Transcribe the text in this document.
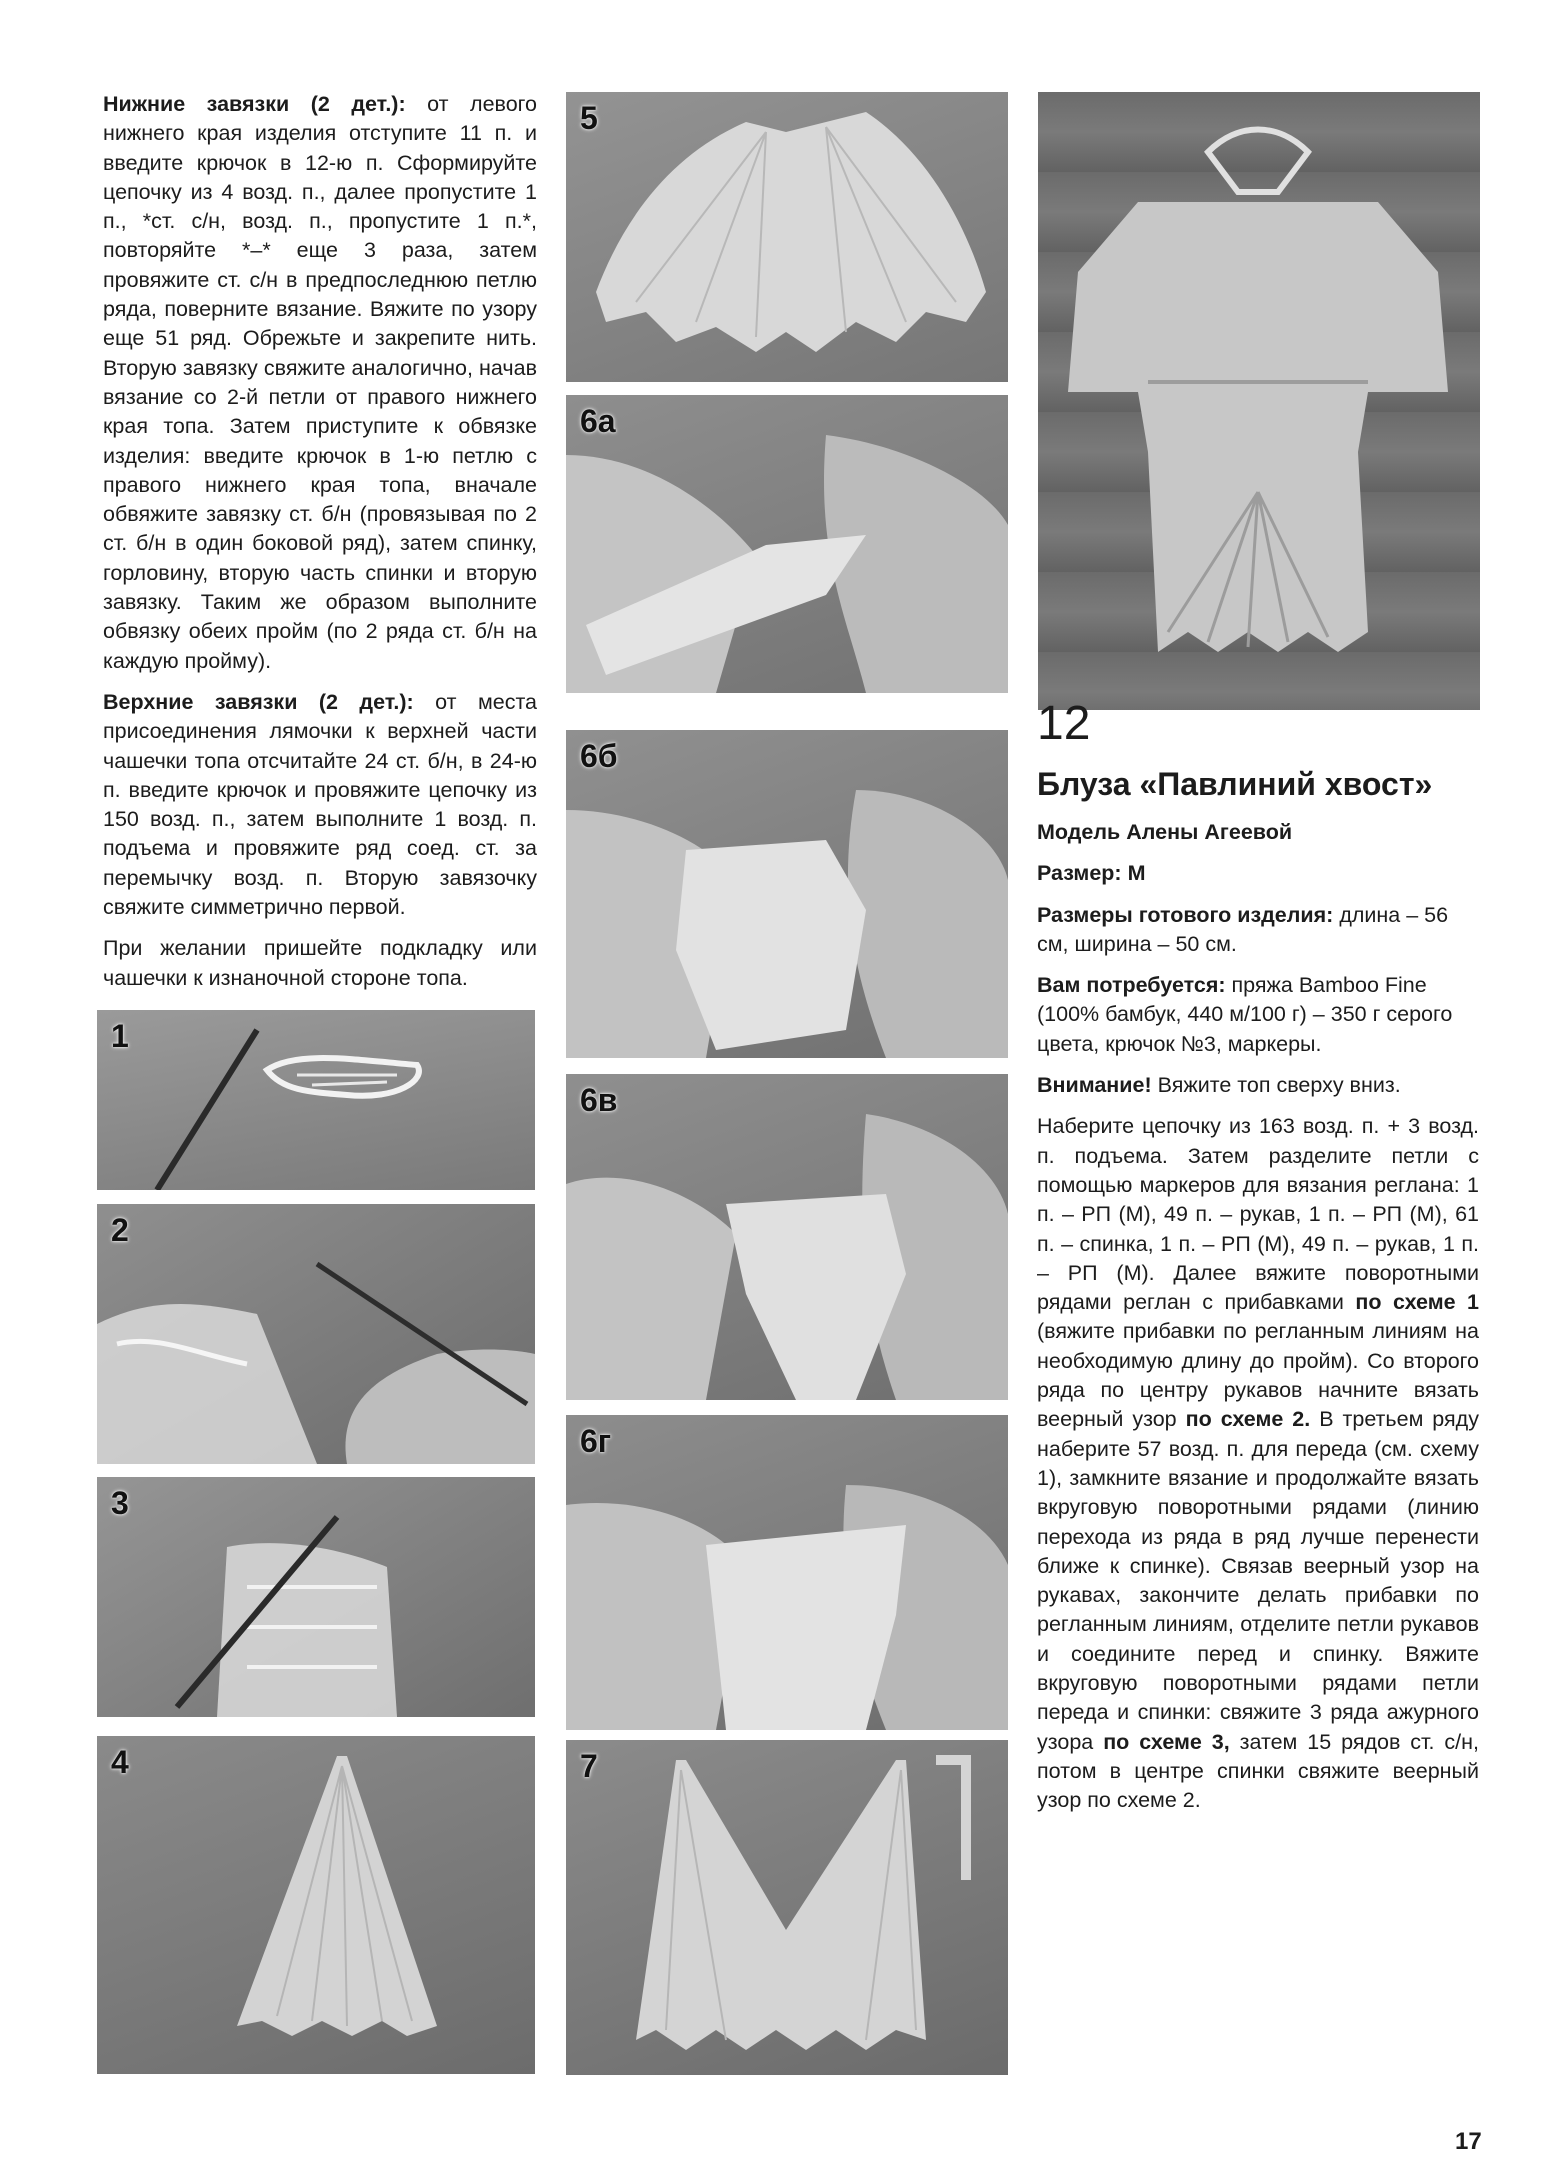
Нижние завязки (2 дет.): от левого нижнего края изделия отступите 11 п. и введите крючок в 12-ю п. Сформируйте цепочку из 4 возд. п., далее пропустите 1 п., *ст. с/н, возд. п., пропустите 1 п.*, повторяйте *–* еще 3 раза, затем провяжите ст. с/н в предпоследнюю петлю ряда, поверните вязание. Вяжите по узору еще 51 ряд. Обрежьте и закрепите нить. Вторую завязку свяжите аналогично, начав вязание со 2-й петли от правого нижнего края топа. Затем приступите к обвязке изделия: введите крючок в 1-ю петлю с правого нижнего края топа, вначале обвяжите завязку ст. б/н (провязывая по 2 ст. б/н в один боковой ряд), затем спинку, горловину, вторую часть спинки и вторую завязку. Таким же образом выполните обвязку обеих пройм (по 2 ряда ст. б/н на каждую пройму).

Верхние завязки (2 дет.): от места присоединения лямочки к верхней части чашечки топа отсчитайте 24 ст. б/н, в 24-ю п. введите крючок и провяжите цепочку из 150 возд. п., затем выполните 1 возд. п. подъема и провяжите ряд соед. ст. за перемычку возд. п. Вторую завязочку свяжите симметрично первой.

При желании пришейте подкладку или чашечки к изнаночной стороне топа.

1
2
3
4
5
6а
6б
6в
6г
7
12
Блуза «Павлиний хвост»

Модель Алены Агеевой

Размер: М

Размеры готового изделия: длина – 56 см, ширина – 50 см.

Вам потребуется: пряжа Bamboo Fine (100% бамбук, 440 м/100 г) – 350 г серого цвета, крючок №3, маркеры.

Внимание! Вяжите топ сверху вниз.

Наберите цепочку из 163 возд. п. + 3 возд. п. подъема. Затем разделите петли с помощью маркеров для вязания реглана: 1 п. – РП (М), 49 п. – рукав, 1 п. – РП (М), 61 п. – спинка, 1 п. – РП (М), 49 п. – рукав, 1 п. – РП (М). Далее вяжите поворотными рядами реглан с прибавками по схеме 1 (вяжите прибавки по регланным линиям на необходимую длину до пройм). Со второго ряда по центру рукавов начните вязать веерный узор по схеме 2. В третьем ряду наберите 57 возд. п. для переда (см. схему 1), замкните вязание и продолжайте вязать вкруговую поворотными рядами (линию перехода из ряда в ряд лучше перенести ближе к спинке). Связав веерный узор на рукавах, закончите делать прибавки по регланным линиям, отделите петли рукавов и соедините перед и спинку. Вяжите вкруговую поворотными рядами петли переда и спинки: свяжите 3 ряда ажурного узора по схеме 3, затем 15 рядов ст. с/н, потом в центре спинки свяжите веерный узор по схеме 2.

17
